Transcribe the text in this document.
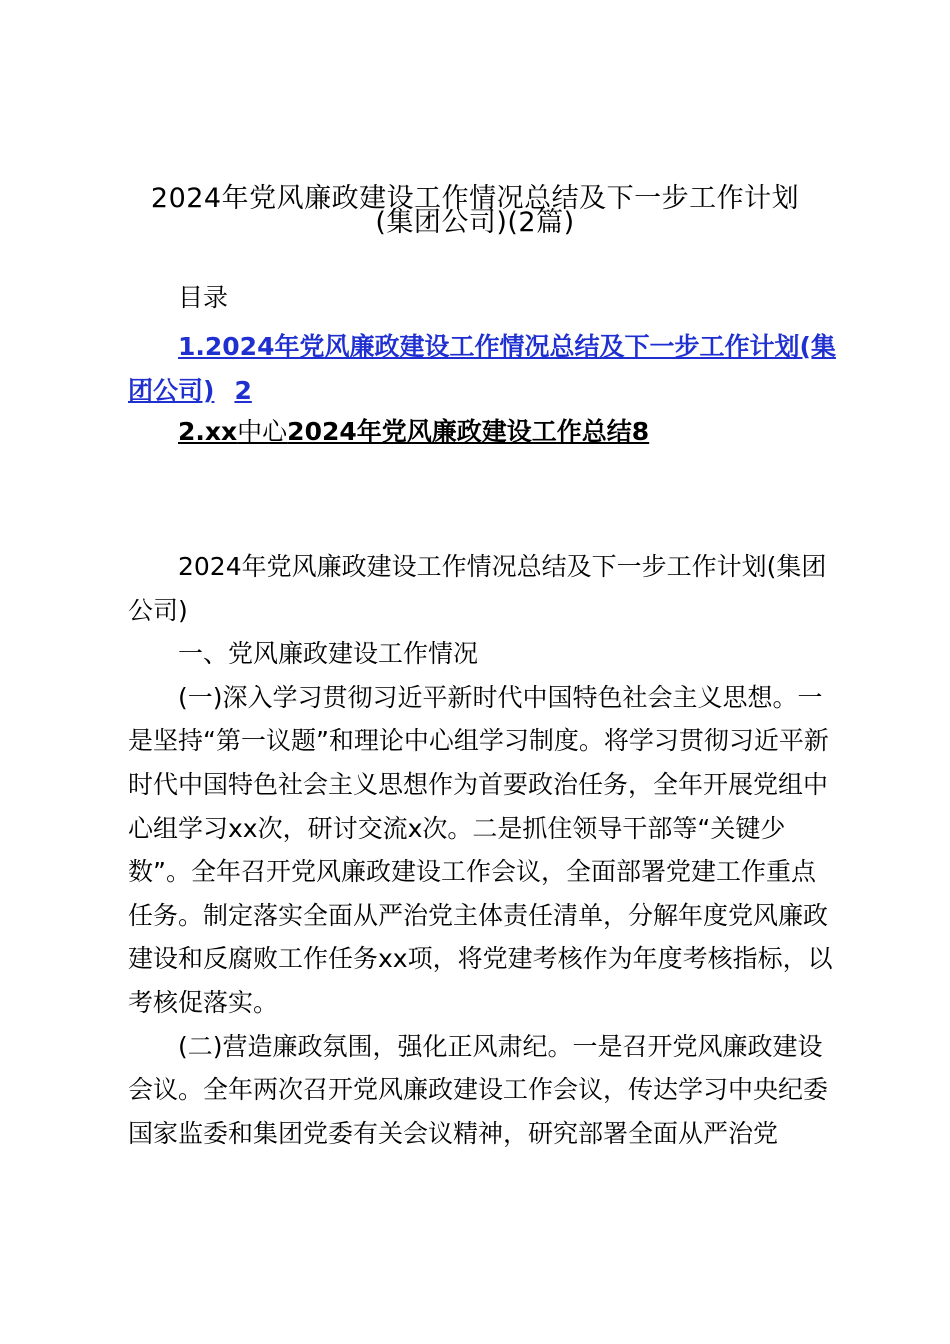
2024年党风廉政建设工作情况总结及下一步工作计划
(集团公司)(2篇)
目录
1.2024年党风廉政建设工作情况总结及下一步工作计划(集团公司) 2
2.xx中心2024年党风廉政建设工作总结8

2024年党风廉政建设工作情况总结及下一步工作计划(集团公司)

一、党风廉政建设工作情况

(一)深入学习贯彻习近平新时代中国特色社会主义思想。一是坚持“第一议题”和理论中心组学习制度。将学习贯彻习近平新时代中国特色社会主义思想作为首要政治任务，全年开展党组中心组学习xx次，研讨交流x次。二是抓住领导干部等“关键少数”。全年召开党风廉政建设工作会议，全面部署党建工作重点任务。制定落实全面从严治党主体责任清单，分解年度党风廉政建设和反腐败工作任务xx项，将党建考核作为年度考核指标，以考核促落实。

(二)营造廉政氛围，强化正风肃纪。一是召开党风廉政建设会议。全年两次召开党风廉政建设工作会议，传达学习中央纪委国家监委和集团党委有关会议精神，研究部署全面从严治党
